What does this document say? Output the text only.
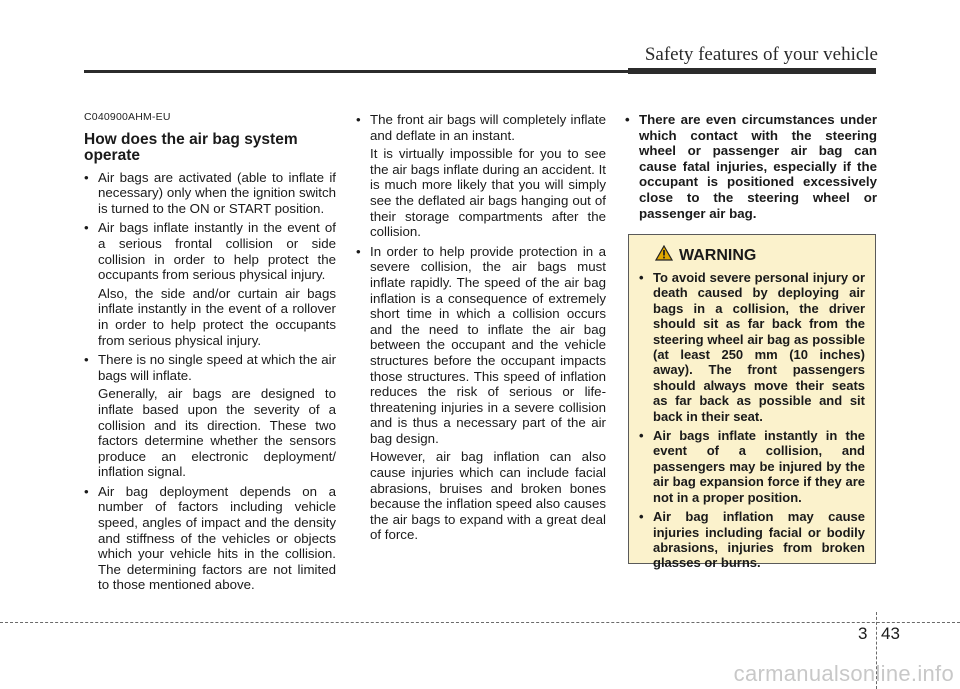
Safety features of your vehicle
C040900AHM-EU
How does the air bag system operate
• Air bags are activated (able to inflate if necessary) only when the ignition switch is turned to the ON or START position.
• Air bags inflate instantly in the event of a serious frontal collision or side collision in order to help protect the occupants from serious physical injury.
Also, the side and/or curtain air bags inflate instantly in the event of a rollover in order to help protect the occupants from serious physical injury.
• There is no single speed at which the air bags will inflate.
Generally, air bags are designed to inflate based upon the severity of a collision and its direction. These two factors determine whether the sensors produce an electronic deployment/ inflation signal.
• Air bag deployment depends on a number of factors including vehicle speed, angles of impact and the density and stiffness of the vehicles or objects which your vehicle hits in the collision. The determining factors are not limited to those mentioned above.
• The front air bags will completely inflate and deflate in an instant.
It is virtually impossible for you to see the air bags inflate during an accident. It is much more likely that you will simply see the deflated air bags hanging out of their storage compartments after the collision.
• In order to help provide protection in a severe collision, the air bags must inflate rapidly. The speed of the air bag inflation is a consequence of extremely short time in which a collision occurs and the need to inflate the air bag between the occupant and the vehicle structures before the occupant impacts those structures. This speed of inflation reduces the risk of serious or life-threatening injuries in a severe collision and is thus a necessary part of the air bag design.
However, air bag inflation can also cause injuries which can include facial abrasions, bruises and broken bones because the inflation speed also causes the air bags to expand with a great deal of force.
• There are even circumstances under which contact with the steering wheel or passenger air bag can cause fatal injuries, especially if the occupant is positioned excessively close to the steering wheel or passenger air bag.
WARNING
• To avoid severe personal injury or death caused by deploying air bags in a collision, the driver should sit as far back from the steering wheel air bag as possible (at least 250 mm (10 inches) away). The front passengers should always move their seats as far back as possible and sit back in their seat.
• Air bags inflate instantly in the event of a collision, and passengers may be injured by the air bag expansion force if they are not in a proper position.
• Air bag inflation may cause injuries including facial or bodily abrasions, injuries from broken glasses or burns.
3 43
carmanualsonline.info
